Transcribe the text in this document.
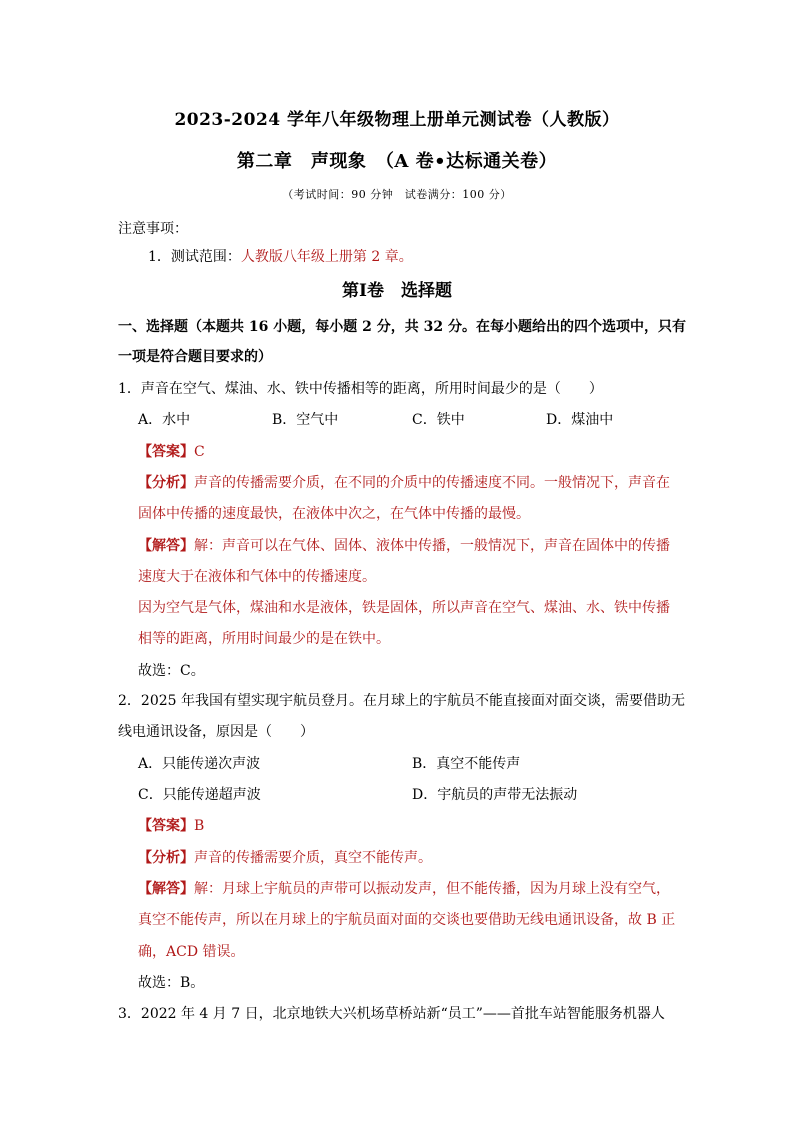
2023-2024 学年八年级物理上册单元测试卷（人教版）
第二章　声现象　（A 卷•达标通关卷）
（考试时间：90 分钟　试卷满分：100 分）
注意事项：
1．测试范围：人教版八年级上册第 2 章。
第Ⅰ卷　选择题
一、选择题（本题共 16 小题，每小题 2 分，共 32 分。在每小题给出的四个选项中，只有
一项是符合题目要求的）
1．声音在空气、煤油、水、铁中传播相等的距离，所用时间最少的是（　　）
A．水中	B．空气中	C．铁中	D．煤油中
【答案】C
【分析】声音的传播需要介质，在不同的介质中的传播速度不同。一般情况下，声音在
固体中传播的速度最快，在液体中次之，在气体中传播的最慢。
【解答】解：声音可以在气体、固体、液体中传播，一般情况下，声音在固体中的传播
速度大于在液体和气体中的传播速度。
因为空气是气体，煤油和水是液体，铁是固体，所以声音在空气、煤油、水、铁中传播
相等的距离，所用时间最少的是在铁中。
故选：C。
2．2025 年我国有望实现宇航员登月。在月球上的宇航员不能直接面对面交谈，需要借助无
线电通讯设备，原因是（　　）
A．只能传递次声波	B．真空不能传声
C．只能传递超声波	D．宇航员的声带无法振动
【答案】B
【分析】声音的传播需要介质，真空不能传声。
【解答】解：月球上宇航员的声带可以振动发声，但不能传播，因为月球上没有空气，
真空不能传声，所以在月球上的宇航员面对面的交谈也要借助无线电通讯设备，故 B 正
确，ACD 错误。
故选：B。
3．2022 年 4 月 7 日，北京地铁大兴机场草桥站新“员工”——首批车站智能服务机器人
